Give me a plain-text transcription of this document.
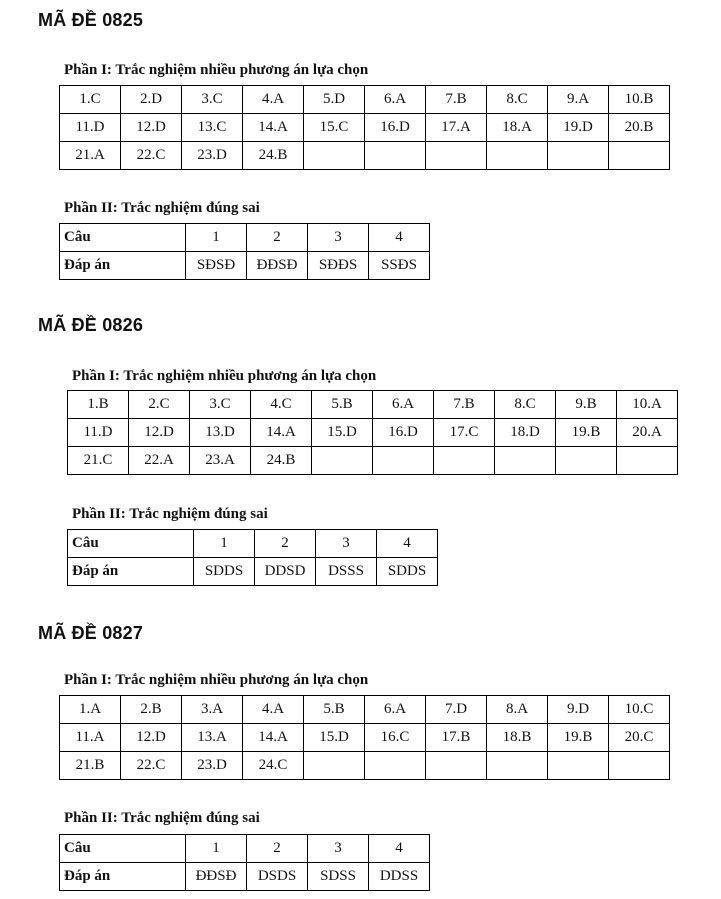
MÃ ĐỀ 0825

Phần I: Trắc nghiệm nhiều phương án lựa chọn

1.C	2.D	3.C	4.A	5.D	6.A	7.B	8.C	9.A	10.B
11.D	12.D	13.C	14.A	15.C	16.D	17.A	18.A	19.D	20.B
21.A	22.C	23.D	24.B						

Phần II: Trắc nghiệm đúng sai

Câu	1	2	3	4
Đáp án	SĐSĐ	ĐĐSĐ	SĐĐS	SSĐS
MÃ ĐỀ 0826

Phần I: Trắc nghiệm nhiều phương án lựa chọn

1.B	2.C	3.C	4.C	5.B	6.A	7.B	8.C	9.B	10.A
11.D	12.D	13.D	14.A	15.D	16.D	17.C	18.D	19.B	20.A
21.C	22.A	23.A	24.B						

Phần II: Trắc nghiệm đúng sai

Câu	1	2	3	4
Đáp án	SDDS	DDSD	DSSS	SDDS
MÃ ĐỀ 0827

Phần I: Trắc nghiệm nhiều phương án lựa chọn

1.A	2.B	3.A	4.A	5.B	6.A	7.D	8.A	9.D	10.C
11.A	12.D	13.A	14.A	15.D	16.C	17.B	18.B	19.B	20.C
21.B	22.C	23.D	24.C						

Phần II: Trắc nghiệm đúng sai

Câu	1	2	3	4
Đáp án	ĐĐSĐ	DSDS	SDSS	DDSS
